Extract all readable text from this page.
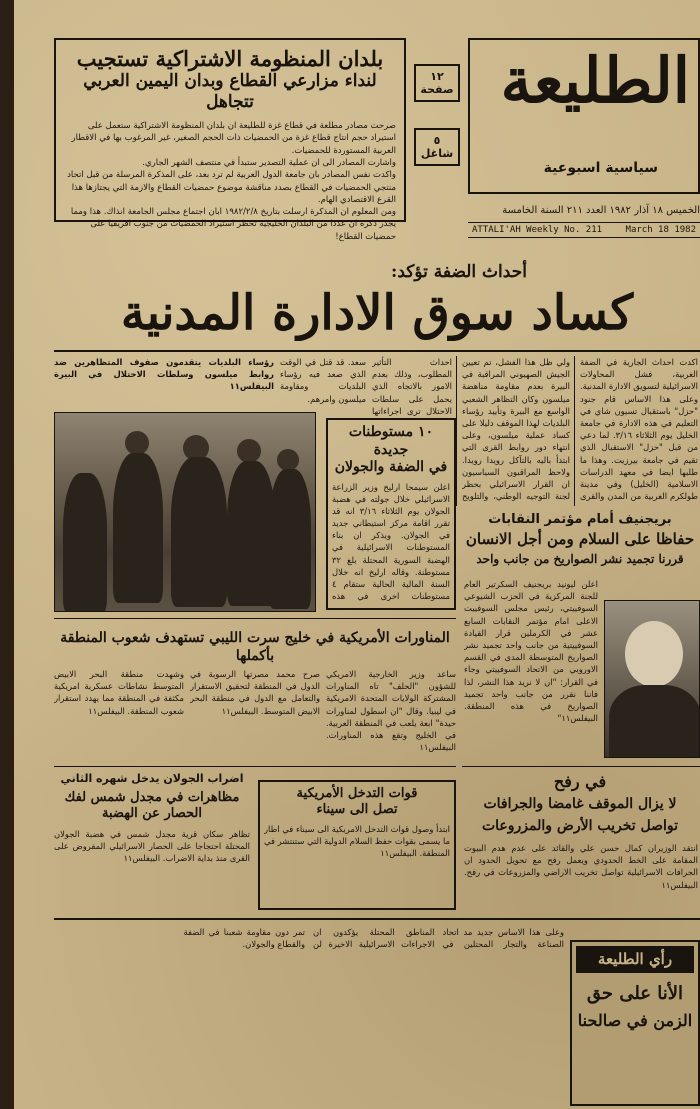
الطليعة
سياسية اسبوعية
الخميس ١٨ آذار ١٩٨٢ العدد ٢١١ السنة الخامسة
ATTALI'AH Weekly No. 211	March 18 1982
١٢
صفحة
٥
شاغل
بلدان المنظومة الاشتراكية تستجيب
لنداء مزارعي القطاع وبدان اليمين العربي تتجاهل
صرحت مصادر مطلعة في قطاع غزة للطليعة ان بلدان المنظومة الاشتراكية ستعمل على استيراد حجم انتاج قطاع غزة من الحمضيات ذات الحجم الصغير، غير المرغوب بها في الاقطار العربية المستوردة للحمضيات.
واشارت المصادر الى ان عملية التصدير ستبدأ في منتصف الشهر الجاري.
واكدت نفس المصادر بان جامعة الدول العربية لم ترد بعد، على المذكرة المرسلة من قبل اتحاد منتجي الحمضيات في القطاع بصدد مناقشة موضوع حمضيات القطاع والازمة التي يجتازها هذا القرع الاقتصادي الهام.
ومن المعلوم ان المذكرة ارسلت بتاريخ ١٩٨٢/٢/٨ ابان اجتماع مجلس الجامعة انذاك. هذا ومما يجدر ذكره ان عددا من البلدان الخليجية تحظر استيراد الحمضيات من جنوب افريقيا على حمضيات القطاع!
أحداث الضفة تؤكد:
كساد سوق الادارة المدنية
اكدت احداث الجارية في الضفة الغربية، فشل المحاولات الاسرائيلية لتسويق الادارة المدنية. وعلى هذا الاساس قام جنود "حزل" باستقبال تسيون شاي في التعليم في هذه الادارة في جامعة الخليل يوم الثلاثاء ٣/١٦. لما دعي من قبل "حزل" الاستقبال الذي تقيم في جامعة بيرزيت. وهذا ما طلبها ايضا في معهد الدراسات الاسلامية (الخليل) وفي مدينة طولكرم الغربية من المدن والقرى
ولي ظل هذا الفشل، تم تعيين الجيش الصهيوني المراقبة في البيرة بعدم مقاومة مناهضة ميلسون وكان التظاهر الشعبي الواسع مع البيرة وتأييد رؤساء البلديات لهذا الموقف دليلا على كساد عملية ميلسون، وعلى انتهاء دور روابط القرى التي ابتدأ باليه بالتآكل رويدا رويدا. ولاحظ المراقبون السياسيون ان القرار الاسرائيلي بحظر لجنة التوجيه الوطني، والتلويح
احداث التأثير المطلوب، وذلك بعدم الامور بالاتجاه الذي يحمل على سلطات الاحتلال ترى اجراءاتها
سعد. قد قتل في الوقت الذي صعد فيه رؤساء البلديات ومقاومة ميلسون وامرهم.
رؤساء البلديات يتقدمون صفوف المتظاهرين ضد روابط ميلسون وسلطات الاحتلال في البيرة البيفلس١١
١٠ مستوطنات جديدة
في الضفة والجولان
اعلن سيمحا ارليخ وزير الزراعة الاسرائيلي خلال جولته في هضبة الجولان يوم الثلاثاء ٣/١٦ انه قد تقرر اقامة مركز استيطاني جديد في الجولان. ويذكر ان بناء المستوطنات الاسرائيلية في الهضبة السورية المحتلة بلغ ٣٢ مستوطنة. وقاله ارليخ انه خلال السنة المالية الحالية ستقام ٤ مستوطنات اخرى في هذه
بريجنيف أمام مؤتمر النقابات
حفاظا على السلام ومن أجل الانسان
قررنا تجميد نشر الصواريخ من جانب واحد
اعلن ليونيد بريجنيف السكرتير العام للجنة المركزية في الحزب الشيوعي السوفييتي، رئيس مجلس السوفييت الاعلى امام مؤتمر النقابات السابع عشر في الكرملين قرار القيادة السوفييتية من جانب واحد تجميد نشر الصواريخ المتوسطة المدى في القسم الاوروبي من الاتحاد السوفييتي وجاء في القرار: "ان لا نريد هذا النشر، لذا فاننا نقرر من جانب واحد تجميد الصواريخ في هذه المنطقة. البيفلس١١"
المناورات الأمريكية في خليج سرت الليبي تستهدف شعوب المنطقة بأكملها
ساعد وزير الخارجية الامريكي للشؤون "الحلف" تاه المناورات المشتركة الولايات المتحدة الامريكية في ليبيا. وقال "ان اسطول لمناورات حيدة" ابعة يلعب في المنطقة العربية. في الخليج وتقع هذه المناورات. البيفلس١١
صرح محمد مصرتها الرسوبة في الدول في المنطقة لتحقيق الاستقرار والتعامل مع الدول في منطقة البحر الابيض المتوسط. البيفلس١١
وشهدت منطقة البحر الابيض المتوسط نشاطات عسكرية امريكية مكثفة في المنطقة مما يهدد استقرار شعوب المنطقة. البيفلس١١
في رفح
لا يزال الموقف غامضا والجرافات
تواصل تخريب الأرض والمزروعات
انتقد الوزيران كمال حسن علي والقائد على عدم هدم البيوت المقامة على الخط الحدودي ويعمل رفح مع تحويل الحدود ان الجرافات الاسرائيلية تواصل تخريب الاراضي والمزروعات في رفح. البيفلس١١
اضراب الجولان يدخل شهره الثاني
مظاهرات في مجدل شمس لفك الحصار عن الهضبة
تظاهر سكان قرية مجدل شمس في هضبة الجولان المحتلة احتجاجا على الحصار الاسرائيلي المفروض على القرى منذ بداية الاضراب. البيفلس١١
قوات التدخل الأمريكية
تصل الى سيناء
ابتدأ وصول قوات التدخل الامريكية الى سيناء في اطار ما يسمى بقوات حفظ السلام الدولية التي ستنتشر في المنطقة. البيفلس١١
وعلى هذا الاساس جديد مد اتحاد الصناعة والتجار المحتلين في المناطق المحتلة يؤكدون ان الاجراءات الاسرائيلية الاخيرة لن تمر دون مقاومة شعبنا في الضفة والقطاع والجولان.
رأي الطليعة
الأنا على حق
الزمن في صالحنا
